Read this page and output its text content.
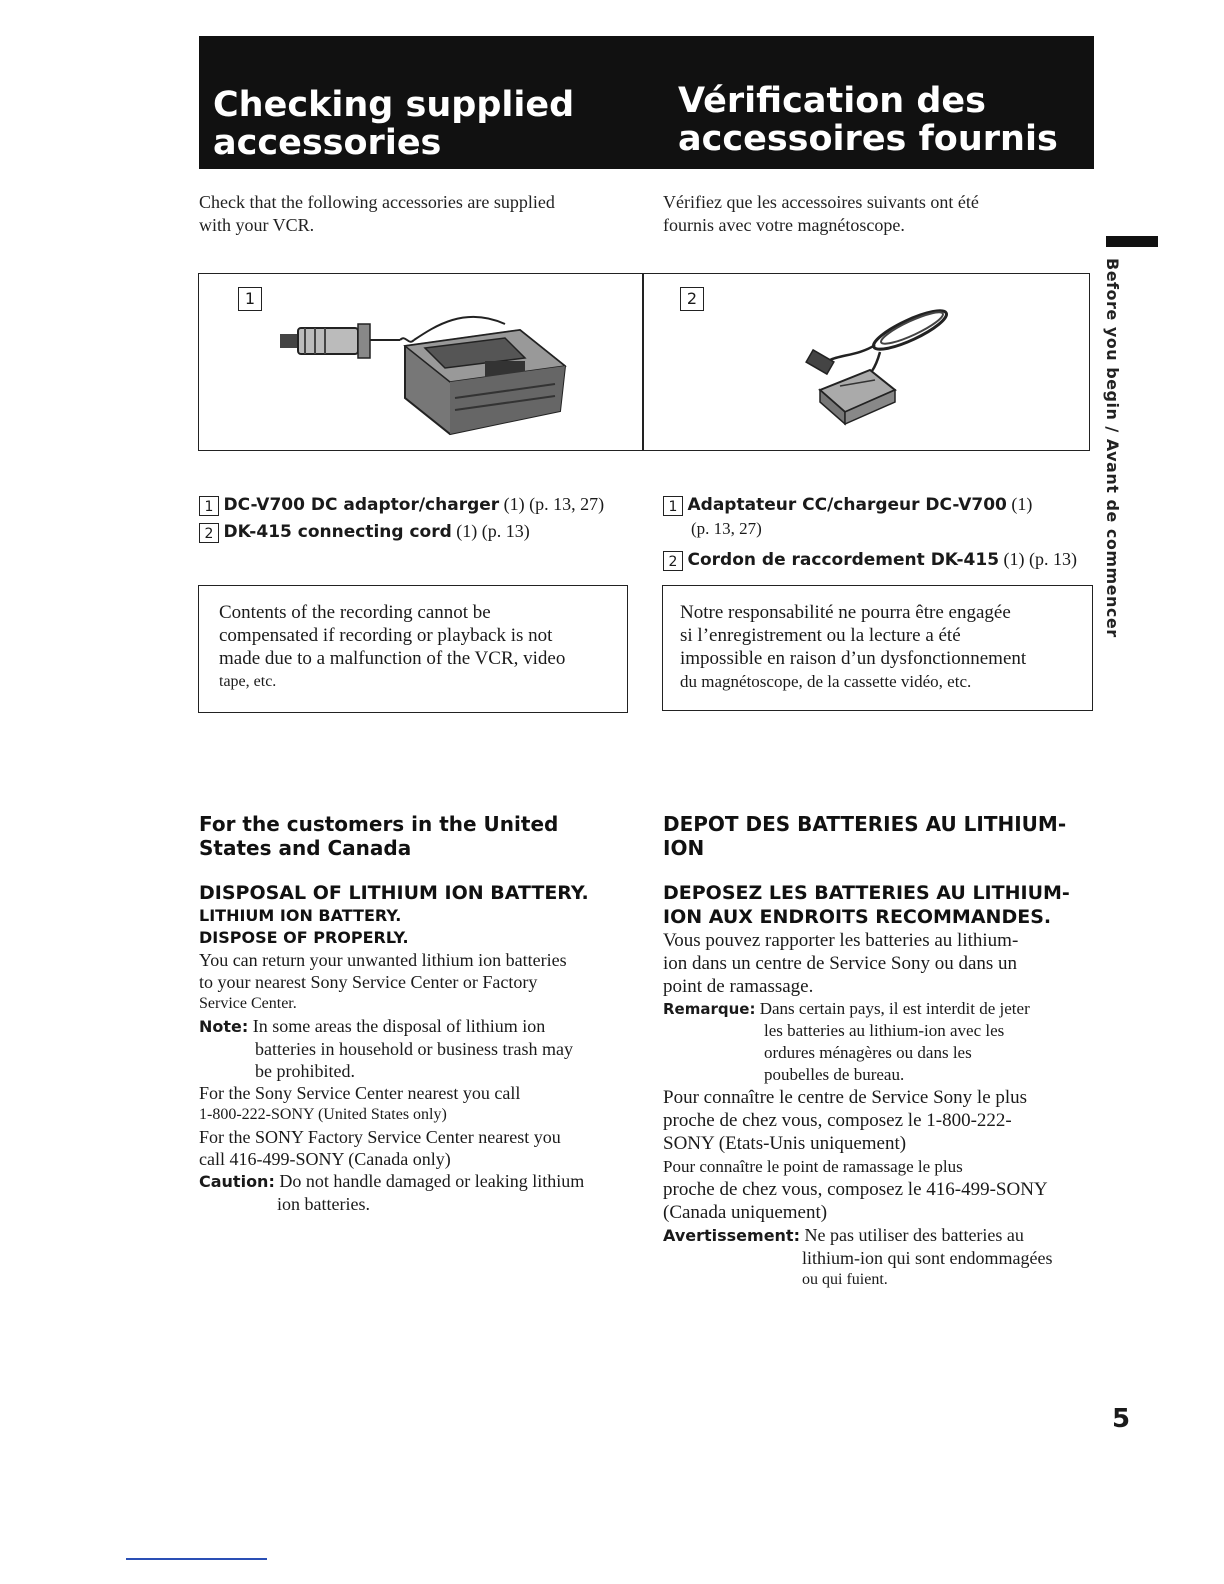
Checking supplied
accessories
Vérification des
accessoires fournis
Check that the following accessories are supplied
with your VCR.
Vérifiez que les accessoires suivants ont été
fournis avec votre magnétoscope.
1	2
1 DC-V700 DC adaptor/charger (1) (p. 13, 27)
2 DK-415 connecting cord (1) (p. 13)
1 Adaptateur CC/chargeur DC-V700 (1)
(p. 13, 27)
2 Cordon de raccordement DK-415 (1) (p. 13)
Contents of the recording cannot be
compensated if recording or playback is not
made due to a malfunction of the VCR, video
tape, etc.
Notre responsabilité ne pourra être engagée
si l’enregistrement ou la lecture a été
impossible en raison d’un dysfonctionnement
du magnétoscope, de la cassette vidéo, etc.
For the customers in the United
States and Canada
DISPOSAL OF LITHIUM ION BATTERY.
LITHIUM ION BATTERY.
DISPOSE OF PROPERLY.
You can return your unwanted lithium ion batteries
to your nearest Sony Service Center or Factory
Service Center.
Note: In some areas the disposal of lithium ion
batteries in household or business trash may
be prohibited.
For the Sony Service Center nearest you call
1-800-222-SONY (United States only)
For the SONY Factory Service Center nearest you
call 416-499-SONY (Canada only)
Caution: Do not handle damaged or leaking lithium
ion batteries.
DEPOT DES BATTERIES AU LITHIUM-
ION
DEPOSEZ LES BATTERIES AU LITHIUM-
ION AUX ENDROITS RECOMMANDES.
Vous pouvez rapporter les batteries au lithium-
ion dans un centre de Service Sony ou dans un
point de ramassage.
Remarque: Dans certain pays, il est interdit de jeter
les batteries au lithium-ion avec les
ordures ménagères ou dans les
poubelles de bureau.
Pour connaître le centre de Service Sony le plus
proche de chez vous, composez le 1-800-222-
SONY (Etats-Unis uniquement)
Pour connaître le point de ramassage le plus
proche de chez vous, composez le 416-499-SONY
(Canada uniquement)
Avertissement: Ne pas utiliser des batteries au
lithium-ion qui sont endommagées
ou qui fuient.
Before you begin / Avant de commencer
5
